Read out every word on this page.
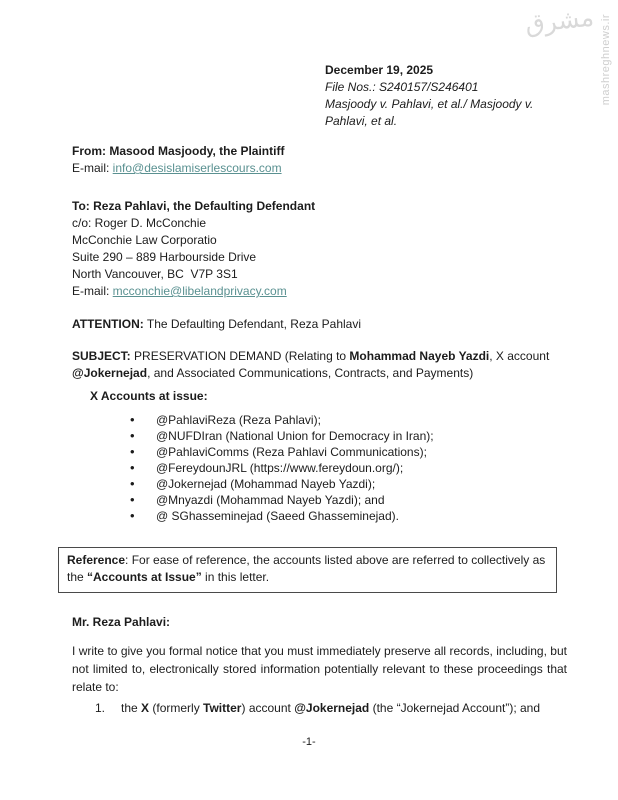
مشرق mashreghnews.ir
December 19, 2025
File Nos.: S240157/S246401
Masjoody v. Pahlavi, et al./ Masjoody v.
Pahlavi, et al.
From: Masood Masjoody, the Plaintiff
E-mail: info@desislamiserlescours.com
To: Reza Pahlavi, the Defaulting Defendant
c/o: Roger D. McConchie
McConchie Law Corporatio
Suite 290 – 889 Harbourside Drive
North Vancouver, BC  V7P 3S1
E-mail: mcconchie@libelandprivacy.com
ATTENTION: The Defaulting Defendant, Reza Pahlavi
SUBJECT: PRESERVATION DEMAND (Relating to Mohammad Nayeb Yazdi, X account @Jokernejad, and Associated Communications, Contracts, and Payments)
X Accounts at issue:
• @PahlaviReza (Reza Pahlavi);
• @NUFDIran (National Union for Democracy in Iran);
• @PahlaviComms (Reza Pahlavi Communications);
• @FereydounJRL (https://www.fereydoun.org/);
• @Jokernejad (Mohammad Nayeb Yazdi);
• @Mnyazdi (Mohammad Nayeb Yazdi); and
• @ SGhasseminejad (Saeed Ghasseminejad).
Reference: For ease of reference, the accounts listed above are referred to collectively as the “Accounts at Issue” in this letter.
Mr. Reza Pahlavi:
I write to give you formal notice that you must immediately preserve all records, including, but not limited to, electronically stored information potentially relevant to these proceedings that relate to:
1. the X (formerly Twitter) account @Jokernejad (the “Jokernejad Account”); and
-1-
